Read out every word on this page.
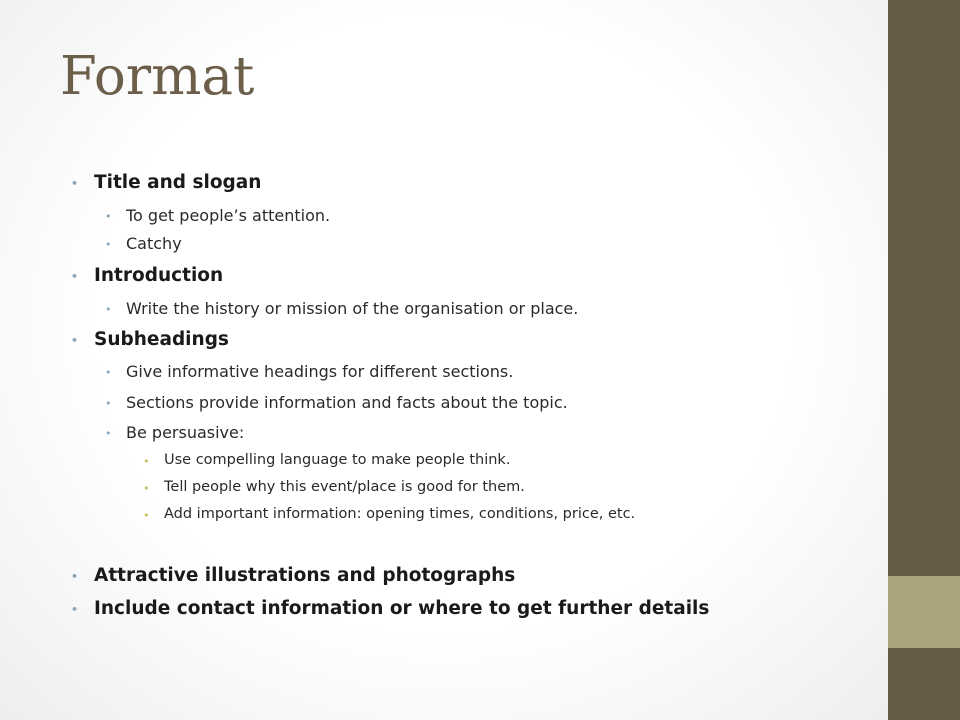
Format
• Title and slogan
• To get people’s attention.
• Catchy
• Introduction
• Write the history or mission of the organisation or place.
• Subheadings
• Give informative headings for different sections.
• Sections provide information and facts about the topic.
• Be persuasive:
• Use compelling language to make people think.
• Tell people why this event/place is good for them.
• Add important information: opening times, conditions, price, etc.
• Attractive illustrations and photographs
• Include contact information or where to get further details
